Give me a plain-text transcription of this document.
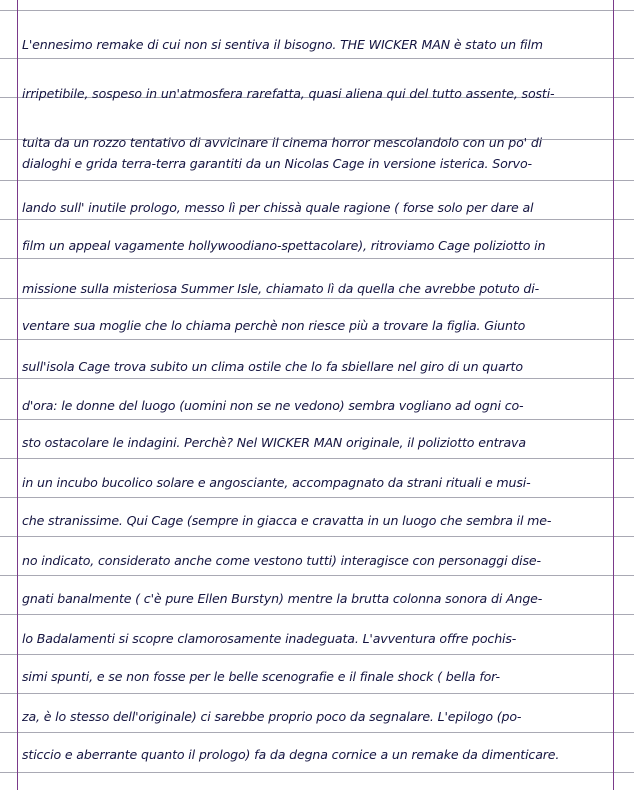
L'ennesimo remake di cui non si sentiva il bisogno. THE WICKER MAN è stato un film
irripetibile, sospeso in un'atmosfera rarefatta, quasi aliena qui del tutto assente, sosti-
tuita da un rozzo tentativo di avvicinare il cinema horror mescolandolo con un po' di
dialoghi e grida terra-terra garantiti da un Nicolas Cage in versione isterica. Sorvo-
lando sull' inutile prologo, messo lì per chissà quale ragione ( forse solo per dare al
film un appeal vagamente hollywoodiano-spettacolare), ritroviamo Cage poliziotto in
missione sulla misteriosa Summer Isle, chiamato lì da quella che avrebbe potuto di-
ventare sua moglie che lo chiama perchè non riesce più a trovare la figlia. Giunto
sull'isola Cage trova subito un clima ostile che lo fa sbiellare nel giro di un quarto
d'ora: le donne del luogo (uomini non se ne vedono) sembra vogliano ad ogni co-
sto ostacolare le indagini. Perchè? Nel WICKER MAN originale, il poliziotto entrava
in un incubo bucolico solare e angosciante, accompagnato da strani rituali e musi-
che stranissime. Qui Cage (sempre in giacca e cravatta in un luogo che sembra il me-
no indicato, considerato anche come vestono tutti) interagisce con personaggi dise-
gnati banalmente ( c'è pure Ellen Burstyn) mentre la brutta colonna sonora di Ange-
lo Badalamenti si scopre clamorosamente inadeguata. L'avventura offre pochis-
simi spunti, e se non fosse per le belle scenografie e il finale shock ( bella for-
za, è lo stesso dell'originale) ci sarebbe proprio poco da segnalare. L'epilogo (po-
sticcio e aberrante quanto il prologo) fa da degna cornice a un remake da dimenticare.
